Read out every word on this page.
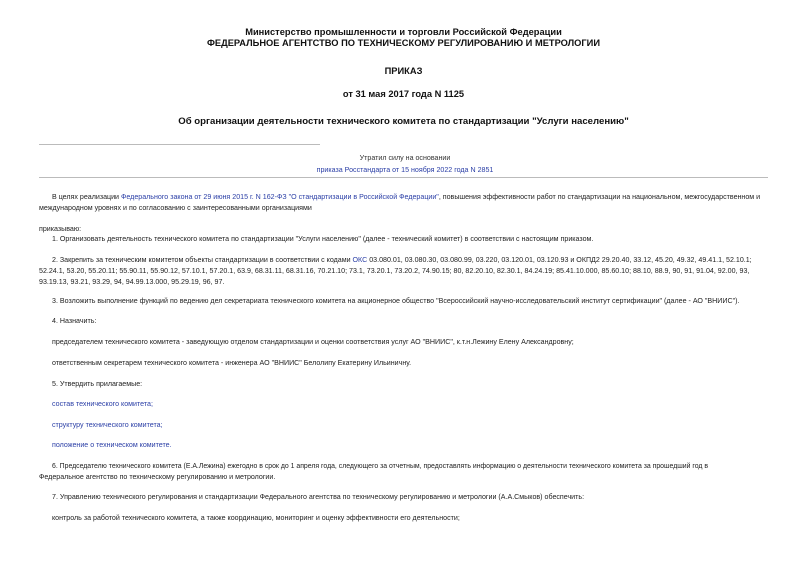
Министерство промышленности и торговли Российской Федерации
ФЕДЕРАЛЬНОЕ АГЕНТСТВО ПО ТЕХНИЧЕСКОМУ РЕГУЛИРОВАНИЮ И МЕТРОЛОГИИ
ПРИКАЗ
от 31 мая 2017 года N 1125
Об организации деятельности технического комитета по стандартизации "Услуги населению"
Утратил силу на основании
приказа Росстандарта от 15 ноября 2022 года N 2851
В целях реализации Федерального закона от 29 июня 2015 г. N 162-ФЗ "О стандартизации в Российской Федерации", повышения эффективности работ по стандартизации на национальном, межгосударственном и
международном уровнях и по согласованию с заинтересованными организациями
приказываю:
1. Организовать деятельность технического комитета по стандартизации "Услуги населению" (далее - технический комитет) в соответствии с настоящим приказом.
2. Закрепить за техническим комитетом объекты стандартизации в соответствии с кодами ОКС 03.080.01, 03.080.30, 03.080.99, 03.220, 03.120.01, 03.120.93 и ОКПД2 29.20.40, 33.12, 45.20, 49.32, 49.41.1, 52.10.1;
52.24.1, 53.20, 55.20.11; 55.90.11, 55.90.12, 57.10.1, 57.20.1, 63.9, 68.31.11, 68.31.16, 70.21.10; 73.1, 73.20.1, 73.20.2, 74.90.15; 80, 82.20.10, 82.30.1, 84.24.19; 85.41.10.000, 85.60.10; 88.10, 88.9, 90, 91, 91.04, 92.00, 93,
93.19.13, 93.21, 93.29, 94, 94.99.13.000, 95.29.19, 96, 97.
3. Возложить выполнение функций по ведению дел секретариата технического комитета на акционерное общество "Всероссийский научно-исследовательский институт сертификации" (далее - АО "ВНИИС").
4. Назначить:
председателем технического комитета - заведующую отделом стандартизации и оценки соответствия услуг АО "ВНИИС", к.т.н.Лежину Елену Александровну;
ответственным секретарем технического комитета - инженера АО "ВНИИС" Белолипу Екатерину Ильиничну.
5. Утвердить прилагаемые:
состав технического комитета;
структуру технического комитета;
положение о техническом комитете.
6. Председателю технического комитета (Е.А.Лежина) ежегодно в срок до 1 апреля года, следующего за отчетным, предоставлять информацию о деятельности технического комитета за прошедший год в
Федеральное агентство по техническому регулированию и метрологии.
7. Управлению технического регулирования и стандартизации Федерального агентства по техническому регулированию и метрологии (А.А.Смыков) обеспечить:
контроль за работой технического комитета, а также координацию, мониторинг и оценку эффективности его деятельности;
